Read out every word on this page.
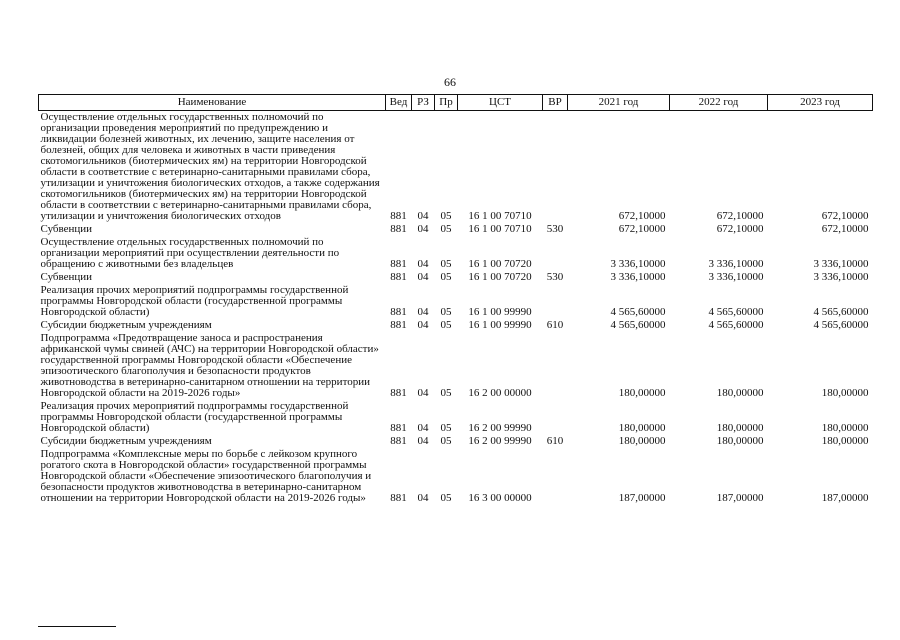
66
Наименование	Вед	РЗ	Пр	ЦСТ	ВР	2021 год	2022 год	2023 год
Осуществление отдельных государственных полномочий по организации проведения мероприятий по предупреждению и ликвидации болезней животных, их лечению, защите населения от болезней, общих для человека и животных в части приведения скотомогильников (биотермических ям) на территории Новгородской области в соответствие с ветеринарно-санитарными правилами сбора, утилизации и уничтожения биологических отходов, а также содержания скотомогильников (биотермических ям) на территории Новгородской области в соответствии с ветеринарно-санитарными правилами сбора, утилизации и уничтожения биологических отходов	881	04	05	16 1 00 70710		672,10000	672,10000	672,10000
Субвенции	881	04	05	16 1 00 70710	530	672,10000	672,10000	672,10000
Осуществление отдельных государственных полномочий по организации мероприятий при осуществлении деятельности по обращению с животными без владельцев	881	04	05	16 1 00 70720		3 336,10000	3 336,10000	3 336,10000
Субвенции	881	04	05	16 1 00 70720	530	3 336,10000	3 336,10000	3 336,10000
Реализация прочих мероприятий подпрограммы государственной программы Новгородской области (государственной программы Новгородской области)	881	04	05	16 1 00 99990		4 565,60000	4 565,60000	4 565,60000
Субсидии бюджетным учреждениям	881	04	05	16 1 00 99990	610	4 565,60000	4 565,60000	4 565,60000
Подпрограмма «Предотвращение заноса и распространения африканской чумы свиней (АЧС) на территории Новгородской области» государственной программы Новгородской области «Обеспечение эпизоотического благополучия и безопасности продуктов животноводства в ветеринарно-санитарном отношении на территории Новгородской области на 2019-2026 годы»	881	04	05	16 2 00 00000		180,00000	180,00000	180,00000
Реализация прочих мероприятий подпрограммы государственной программы Новгородской области (государственной программы Новгородской области)	881	04	05	16 2 00 99990		180,00000	180,00000	180,00000
Субсидии бюджетным учреждениям	881	04	05	16 2 00 99990	610	180,00000	180,00000	180,00000
Подпрограмма «Комплексные меры по борьбе с лейкозом крупного рогатого скота в Новгородской области» государственной программы Новгородской области «Обеспечение эпизоотического благополучия и безопасности продуктов животноводства в ветеринарно-санитарном отношении на территории Новгородской области на 2019-2026 годы»	881	04	05	16 3 00 00000		187,00000	187,00000	187,00000
